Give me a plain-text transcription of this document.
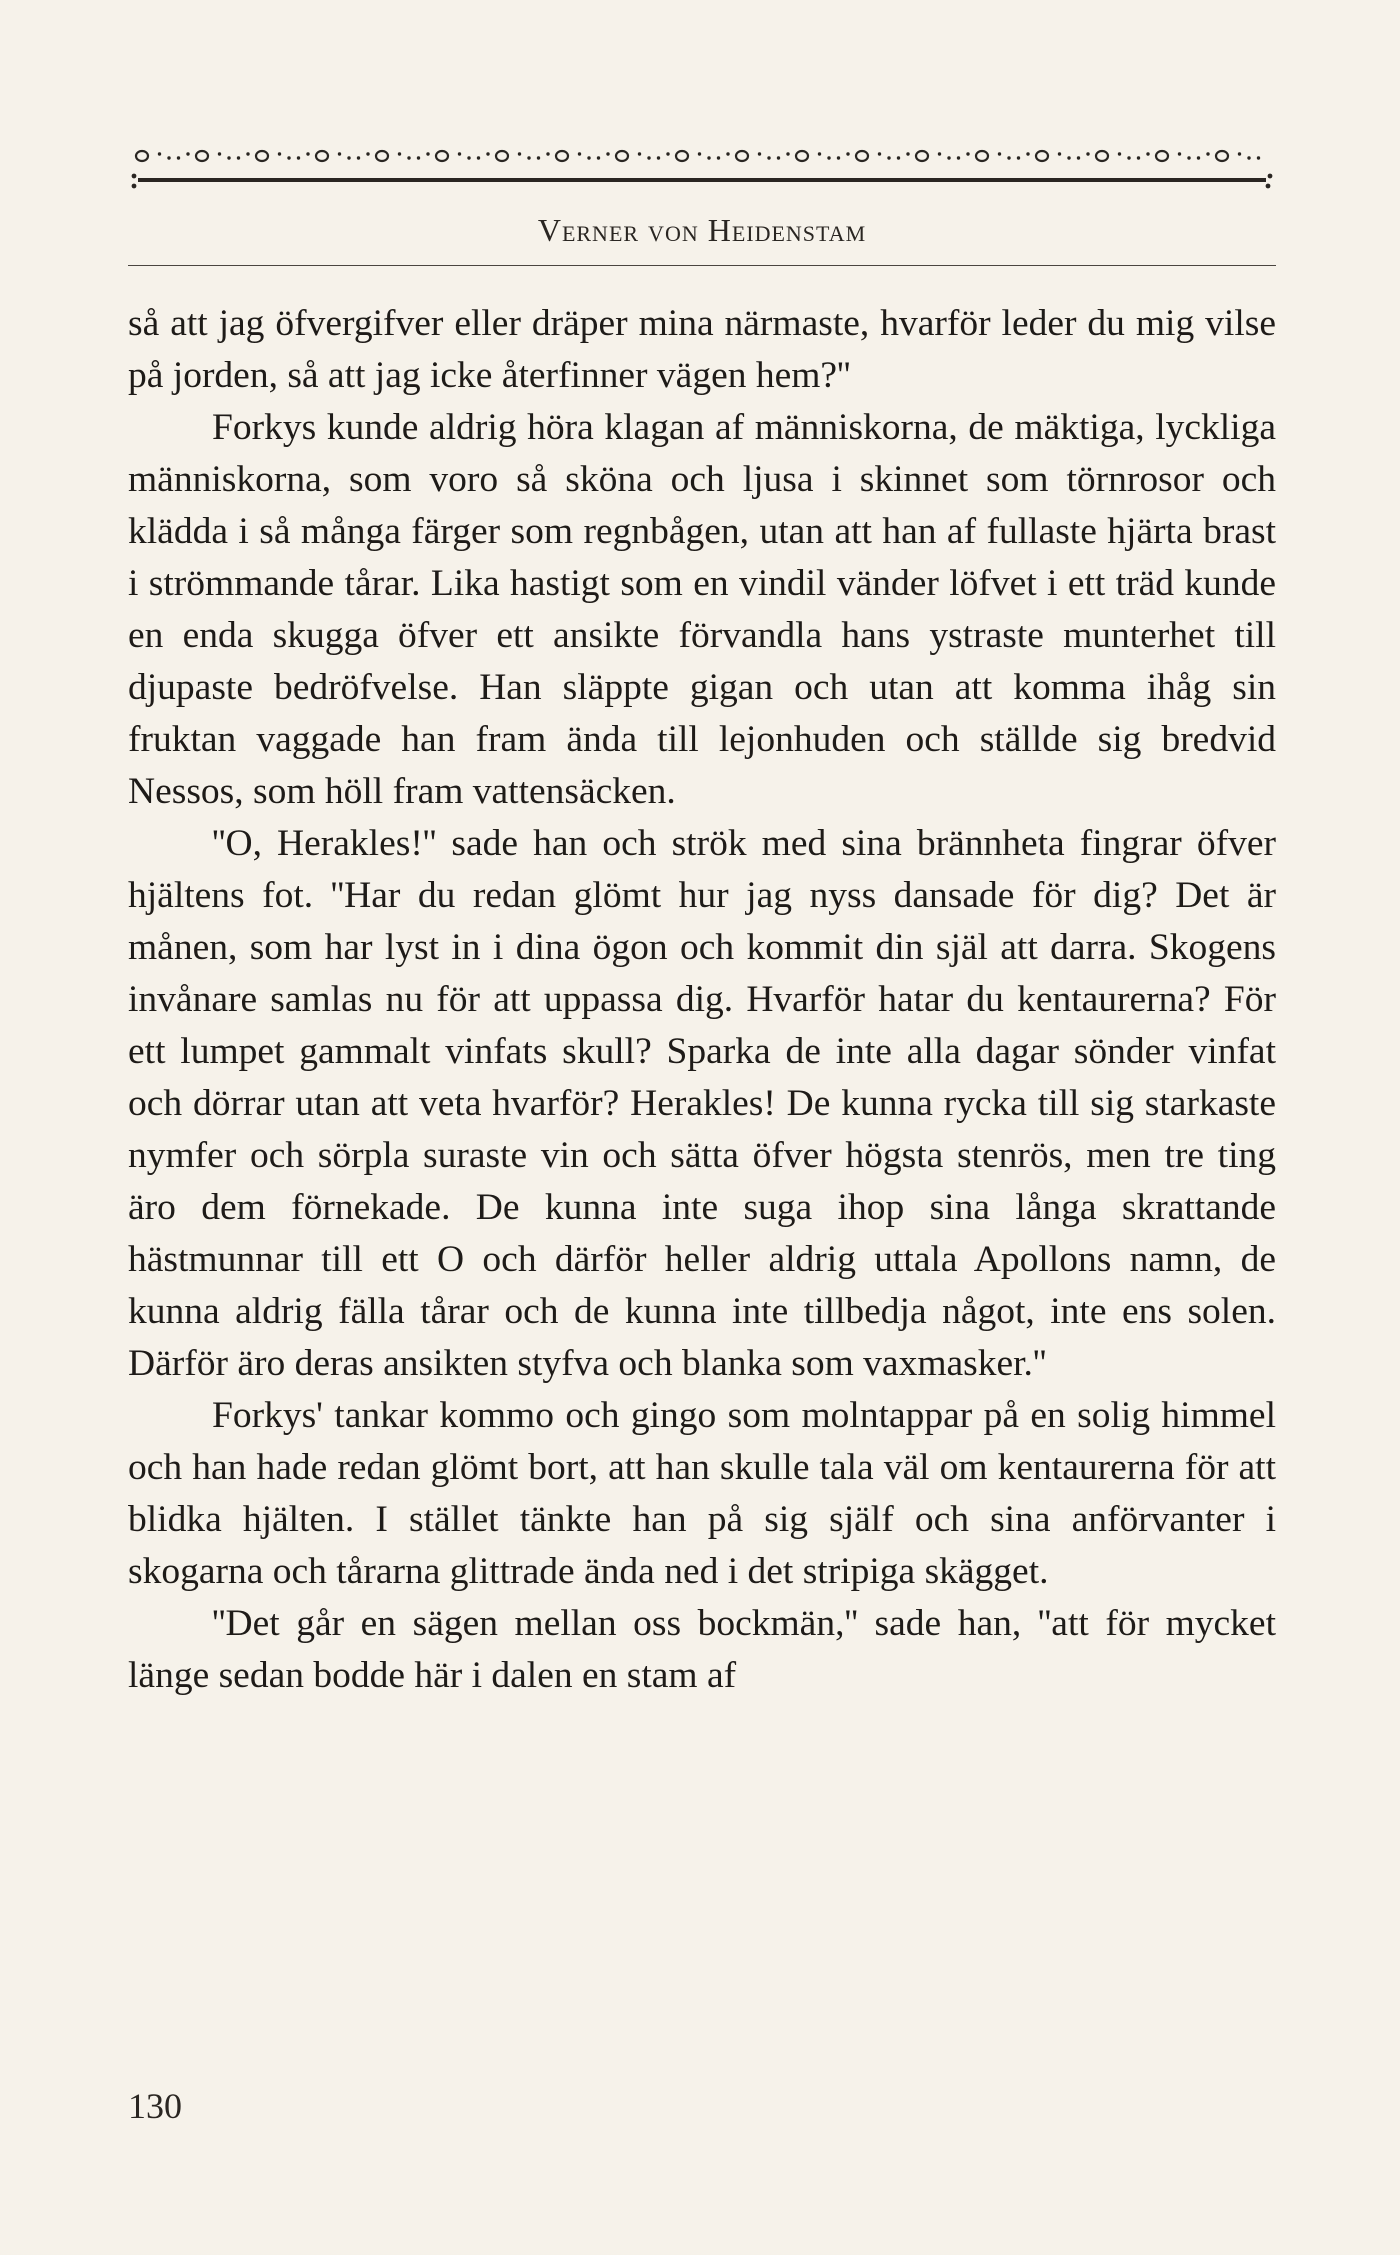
Verner von Heidenstam

så att jag öfvergifver eller dräper mina närmaste, hvarför leder du mig vilse på jorden, så att jag icke återfinner vägen hem?''

Forkys kunde aldrig höra klagan af människorna, de mäktiga, lyckliga människorna, som voro så sköna och ljusa i skinnet som törnrosor och klädda i så många färger som regnbågen, utan att han af fullaste hjärta brast i strömmande tårar. Lika hastigt som en vindil vänder löfvet i ett träd kunde en enda skugga öfver ett ansikte förvandla hans ystraste munterhet till djupaste bedröfvelse. Han släppte gigan och utan att komma ihåg sin fruktan vaggade han fram ända till lejonhuden och ställde sig bredvid Nessos, som höll fram vattensäcken.

''O, Herakles!'' sade han och strök med sina brännheta fingrar öfver hjältens fot. ''Har du redan glömt hur jag nyss dansade för dig? Det är månen, som har lyst in i dina ögon och kommit din själ att darra. Skogens invånare samlas nu för att uppassa dig. Hvarför hatar du kentaurerna? För ett lumpet gammalt vinfats skull? Sparka de inte alla dagar sönder vinfat och dörrar utan att veta hvarför? Herakles! De kunna rycka till sig starkaste nymfer och sörpla suraste vin och sätta öfver högsta stenrös, men tre ting äro dem förnekade. De kunna inte suga ihop sina långa skrattande hästmunnar till ett O och därför heller aldrig uttala Apollons namn, de kunna aldrig fälla tårar och de kunna inte tillbedja något, inte ens solen. Därför äro deras ansikten styfva och blanka som vaxmasker.''

Forkys' tankar kommo och gingo som molntappar på en solig himmel och han hade redan glömt bort, att han skulle tala väl om kentaurerna för att blidka hjälten. I stället tänkte han på sig själf och sina anförvanter i skogarna och tårarna glittrade ända ned i det stripiga skägget.

''Det går en sägen mellan oss bockmän,'' sade han, ''att för mycket länge sedan bodde här i dalen en stam af

130
